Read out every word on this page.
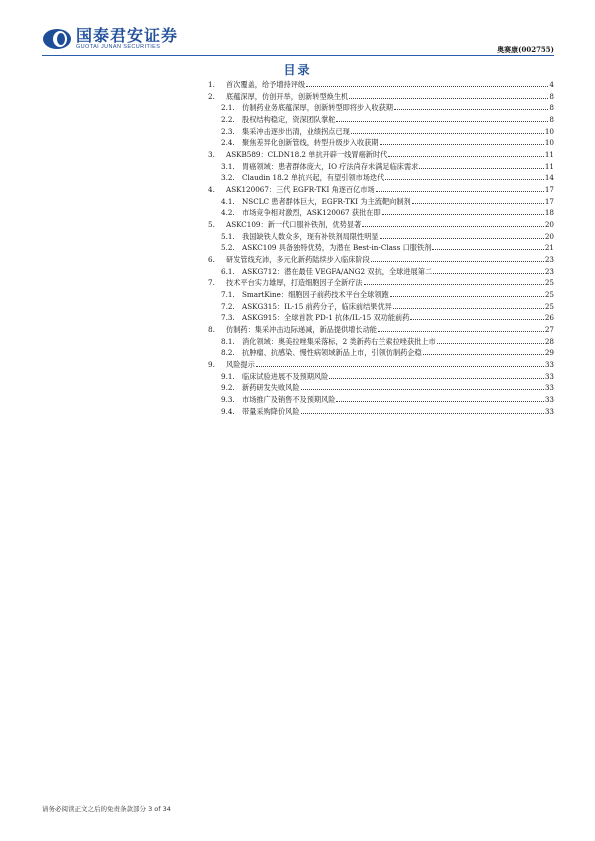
国泰君安证券
GUOTAI JUNAN SECURITIES	奥赛康(002755)
目录
1.	首次覆盖，给予增持评级	4
2.	底蕴深厚，仿创开举，创新转型焕生机	8
2.1.	仿制药业务底蕴深厚，创新转型即将步入收获期	8
2.2.	股权结构稳定，资深团队掌舵	8
2.3.	集采冲击逐步出清，业绩拐点已现	10
2.4.	聚焦差异化创新管线，转型升级步入收获期	10
3.	ASKB589：CLDN18.2 单抗开辟一线胃癌新时代	11
3.1.	胃癌领域：患者群体庞大，IO 疗法尚存未满足临床需求	11
3.2.	Claudin 18.2 单抗兴起，有望引领市场迭代	14
4.	ASK120067：三代 EGFR-TKI 角逐百亿市场	17
4.1.	NSCLC 患者群体巨大，EGFR-TKI 为主流靶向制剂	17
4.2.	市场竞争相对激烈，ASK120067 获批在即	18
5.	ASKC109：新一代口服补铁剂，优势显著	20
5.1.	我国缺铁人数众多，现有补铁剂局限性明显	20
5.2.	ASKC109 具备独特优势，为潜在 Best-in-Class 口服铁剂	21
6.	研发管线充沛，多元化新药陆续步入临床阶段	23
6.1.	ASKG712：潜在最佳 VEGFA/ANG2 双抗，全球进展第二	23
7.	技术平台实力雄厚，打造细胞因子全新疗法	25
7.1.	SmartKine：细胞因子前药技术平台全球领跑	25
7.2.	ASKG315：IL-15 前药分子，临床前结果优异	25
7.3.	ASKG915：全球首款 PD-1 抗体/IL-15 双功能前药	26
8.	仿制药：集采冲击边际递减，新品提供增长动能	27
8.1.	消化领域：奥美拉唑集采落标，2 类新药右兰索拉唑获批上市	28
8.2.	抗肿瘤、抗感染、慢性病领域新品上市，引领仿制药企稳	29
9.	风险提示	33
9.1.	临床试验进展不及预期风险	33
9.2.	新药研发失败风险	33
9.3.	市场推广及销售不及预期风险	33
9.4.	带量采购降价风险	33
请务必阅读正文之后的免责条款部分 3 of 34
